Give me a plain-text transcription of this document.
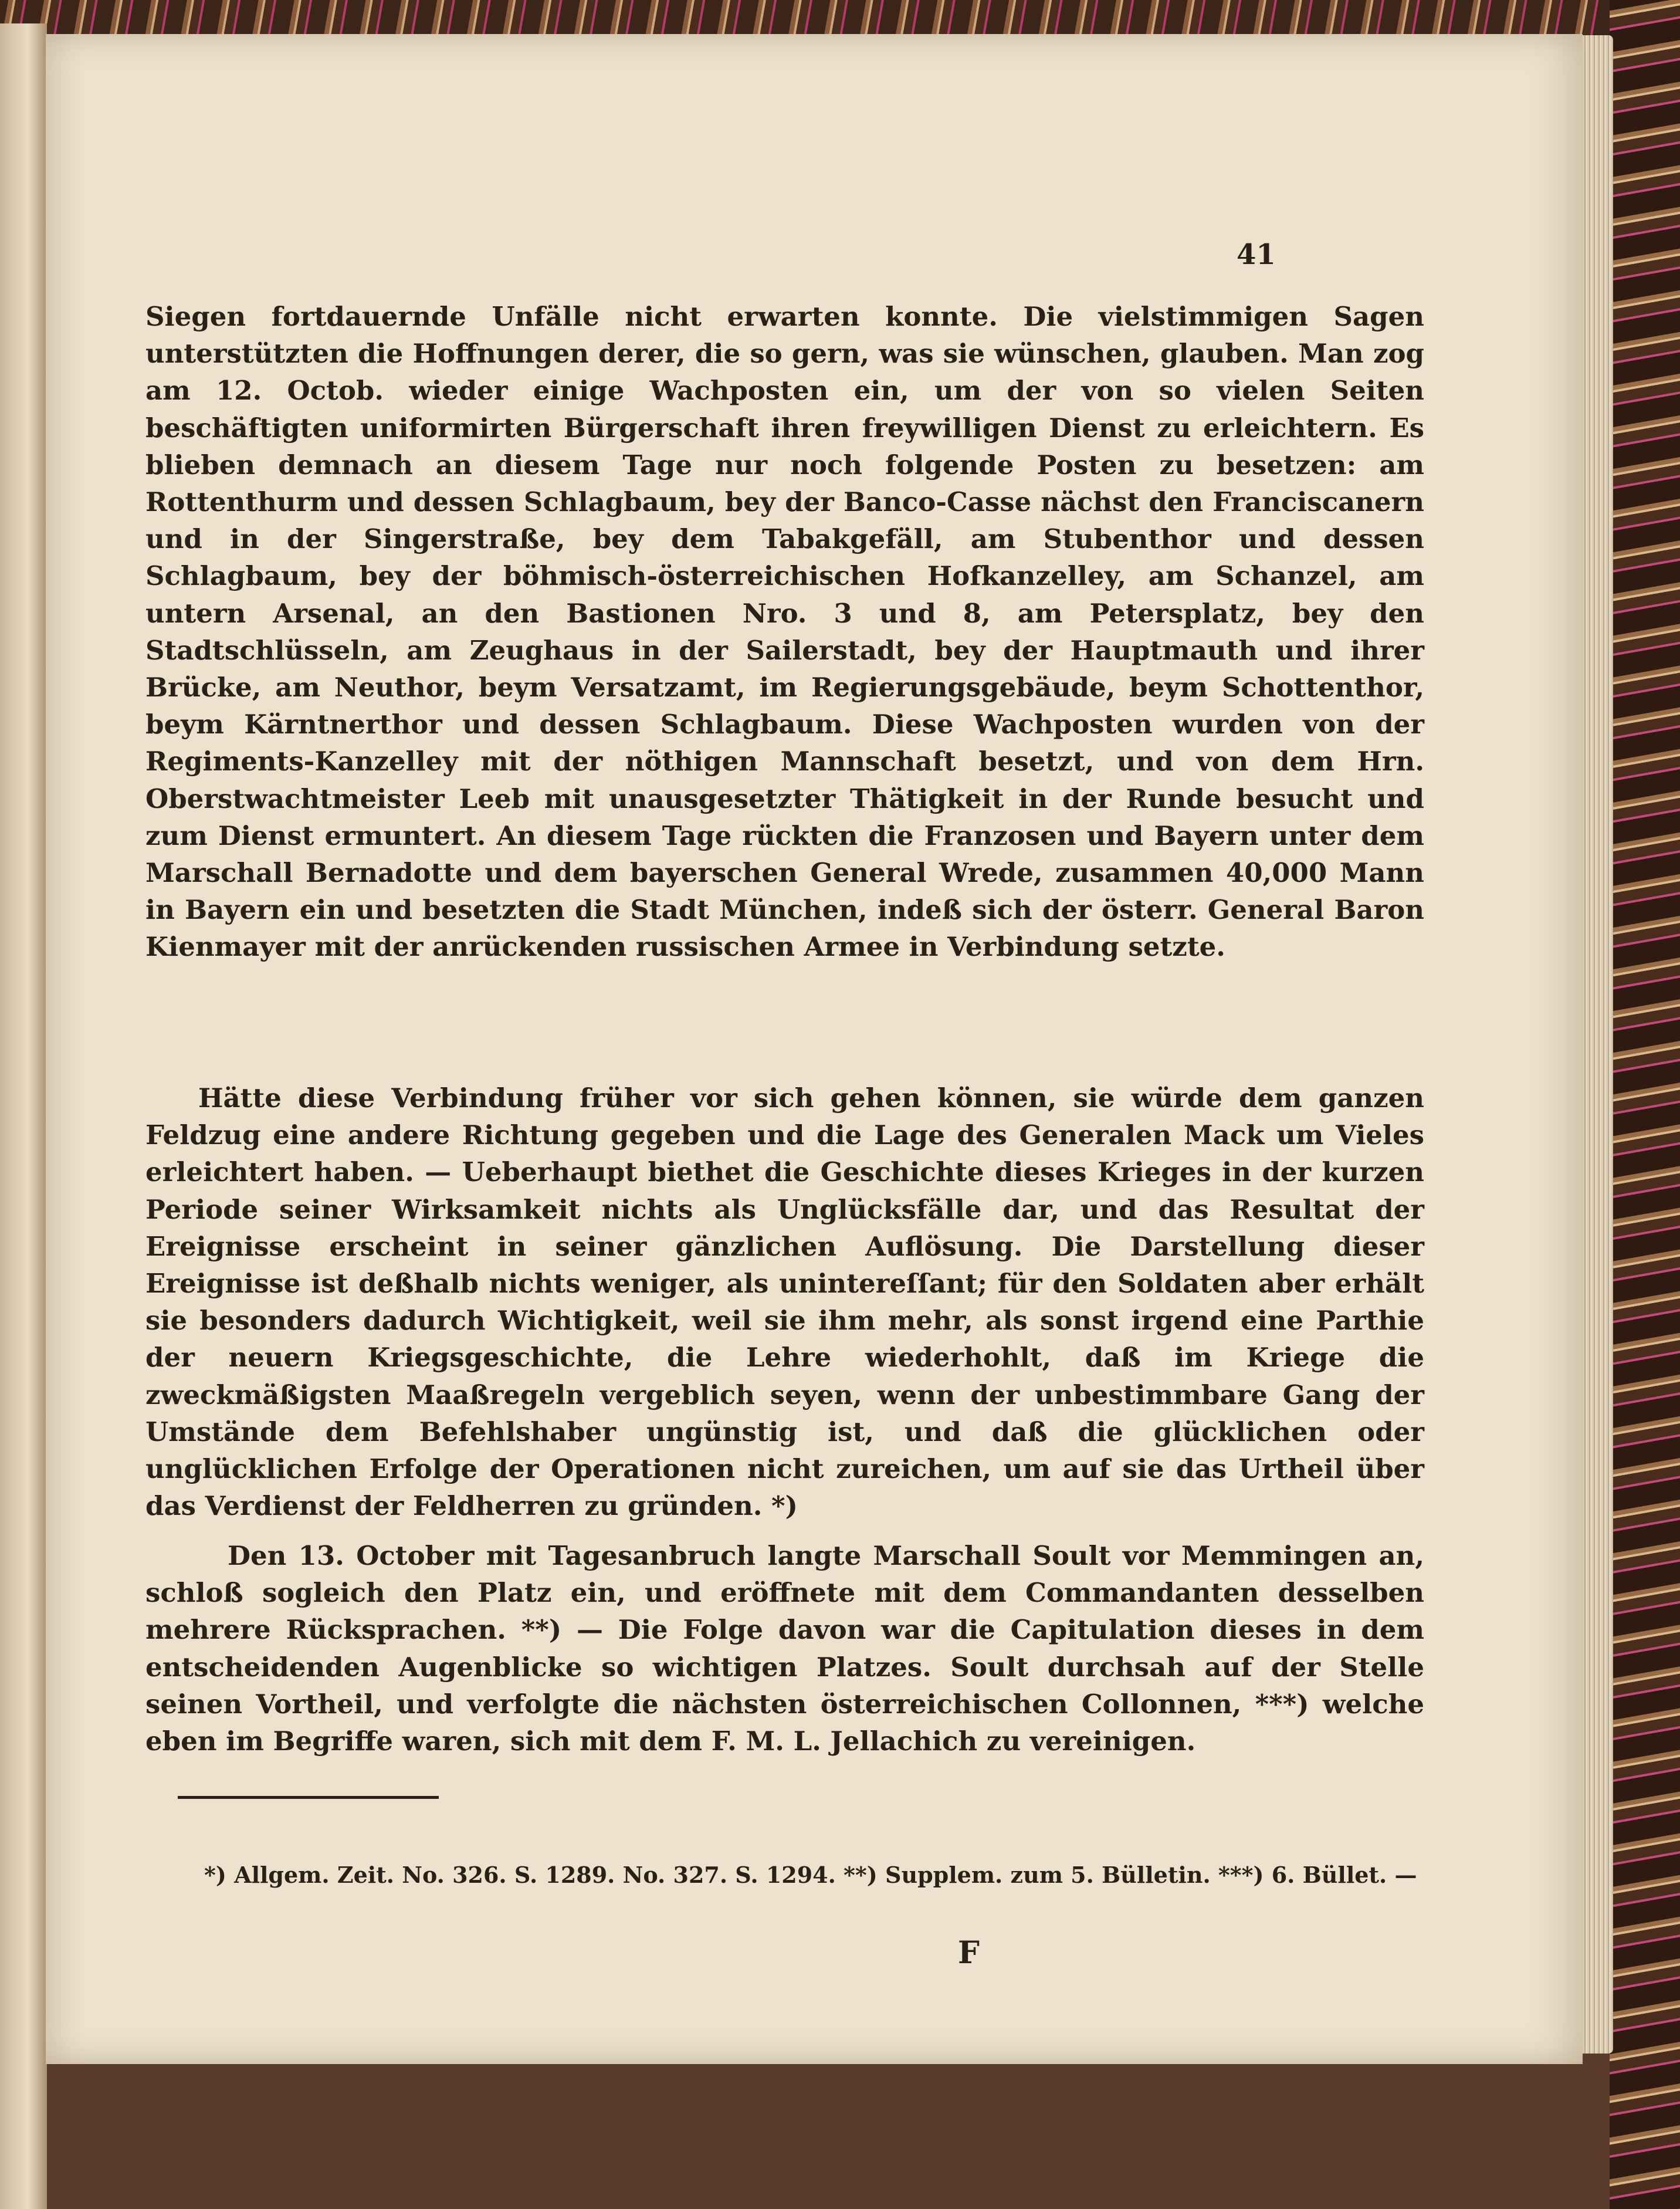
41

Siegen fortdauernde Unfälle nicht erwarten konnte. Die vielstimmigen Sagen unterstützten die Hoffnungen derer, die so gern, was sie wünschen, glauben. Man zog am 12. Octob. wieder einige Wachposten ein, um der von so vielen Seiten beschäftigten uniformirten Bürgerschaft ihren freywilligen Dienst zu erleichtern. Es blieben demnach an diesem Tage nur noch folgende Posten zu besetzen: am Rottenthurm und dessen Schlagbaum, bey der Banco-Casse nächst den Franciscanern und in der Singerstraße, bey dem Tabakgefäll, am Stubenthor und dessen Schlagbaum, bey der böhmisch-österreichischen Hofkanzelley, am Schanzel, am untern Arsenal, an den Bastionen Nro. 3 und 8, am Petersplatz, bey den Stadtschlüsseln, am Zeughaus in der Sailerstadt, bey der Hauptmauth und ihrer Brücke, am Neuthor, beym Versatzamt, im Regierungsgebäude, beym Schottenthor, beym Kärntnerthor und dessen Schlagbaum. Diese Wachposten wurden von der Regiments-Kanzelley mit der nöthigen Mannschaft besetzt, und von dem Hrn. Oberstwachtmeister Leeb mit unausgesetzter Thätigkeit in der Runde besucht und zum Dienst ermuntert. An diesem Tage rückten die Franzosen und Bayern unter dem Marschall Bernadotte und dem bayerschen General Wrede, zusammen 40,000 Mann in Bayern ein und besetzten die Stadt München, indeß sich der österr. General Baron Kienmayer mit der anrückenden russischen Armee in Verbindung setzte.

Hätte diese Verbindung früher vor sich gehen können, sie würde dem ganzen Feldzug eine andere Richtung gegeben und die Lage des Generalen Mack um Vieles erleichtert haben. — Ueberhaupt biethet die Geschichte dieses Krieges in der kurzen Periode seiner Wirksamkeit nichts als Unglücksfälle dar, und das Resultat der Ereignisse erscheint in seiner gänzlichen Auflösung. Die Darstellung dieser Ereignisse ist deßhalb nichts weniger, als unintereſſant; für den Soldaten aber erhält sie besonders dadurch Wichtigkeit, weil sie ihm mehr, als sonst irgend eine Parthie der neuern Kriegsgeschichte, die Lehre wiederhohlt, daß im Kriege die zweckmäßigsten Maaßregeln vergeblich seyen, wenn der unbestimmbare Gang der Umstände dem Befehlshaber ungünstig ist, und daß die glücklichen oder unglücklichen Erfolge der Operationen nicht zureichen, um auf sie das Urtheil über das Verdienst der Feldherren zu gründen. *)

Den 13. October mit Tagesanbruch langte Marschall Soult vor Memmingen an, schloß sogleich den Platz ein, und eröffnete mit dem Commandanten desselben mehrere Rücksprachen. **) — Die Folge davon war die Capitulation dieses in dem entscheidenden Augenblicke so wichtigen Platzes. Soult durchsah auf der Stelle seinen Vortheil, und verfolgte die nächsten österreichischen Collonnen, ***) welche eben im Begriffe waren, sich mit dem F. M. L. Jellachich zu vereinigen.

*) Allgem. Zeit. No. 326. S. 1289. No. 327. S. 1294. **) Supplem. zum 5. Bülletin. ***) 6. Büllet. —

F
